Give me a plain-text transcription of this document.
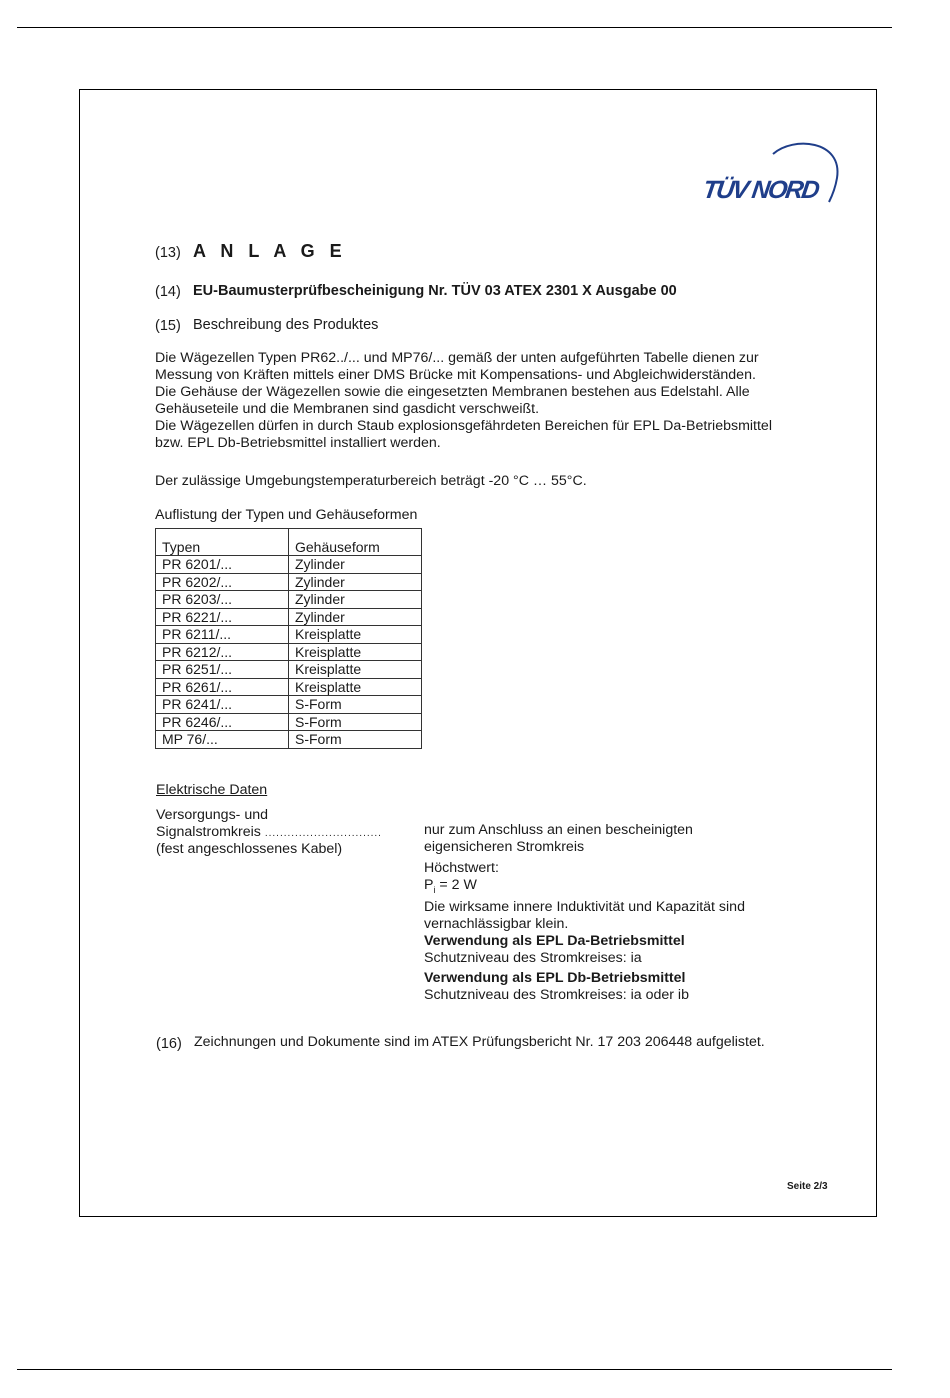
TÜV NORD
(13) A N L A G E
(14) EU-Baumusterprüfbescheinigung Nr. TÜV 03 ATEX 2301 X Ausgabe 00
(15) Beschreibung des Produktes
Die Wägezellen Typen PR62../... und MP76/... gemäß der unten aufgeführten Tabelle dienen zur
Messung von Kräften mittels einer DMS Brücke mit Kompensations- und Abgleichwiderständen.
Die Gehäuse der Wägezellen sowie die eingesetzten Membranen bestehen aus Edelstahl. Alle
Gehäuseteile und die Membranen sind gasdicht verschweißt.
Die Wägezellen dürfen in durch Staub explosionsgefährdeten Bereichen für EPL Da-Betriebsmittel
bzw. EPL Db-Betriebsmittel installiert werden.
Der zulässige Umgebungstemperaturbereich beträgt -20 °C … 55°C.
Auflistung der Typen und Gehäuseformen
Typen	Gehäuseform
PR 6201/...	Zylinder
PR 6202/...	Zylinder
PR 6203/...	Zylinder
PR 6221/...	Zylinder
PR 6211/...	Kreisplatte
PR 6212/...	Kreisplatte
PR 6251/...	Kreisplatte
PR 6261/...	Kreisplatte
PR 6241/...	S-Form
PR 6246/...	S-Form
MP 76/...	S-Form
Elektrische Daten
Versorgungs- und
Signalstromkreis ...............................
(fest angeschlossenes Kabel)
nur zum Anschluss an einen bescheinigten
eigensicheren Stromkreis
Höchstwert:
$P_i = 2$ W
Die wirksame innere Induktivität und Kapazität sind
vernachlässigbar klein.
Verwendung als EPL Da-Betriebsmittel
Schutzniveau des Stromkreises: ia
Verwendung als EPL Db-Betriebsmittel
Schutzniveau des Stromkreises: ia oder ib
(16) Zeichnungen und Dokumente sind im ATEX Prüfungsbericht Nr. 17 203 206448 aufgelistet.
Seite 2/3
